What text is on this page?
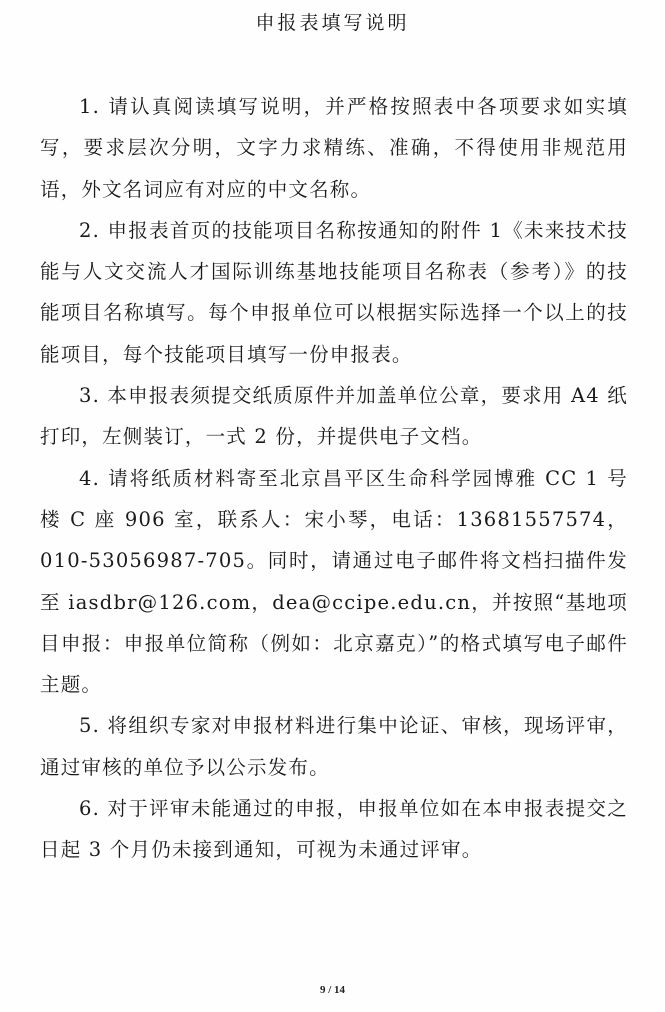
申报表填写说明

1. 请认真阅读填写说明，并严格按照表中各项要求如实填写，要求层次分明，文字力求精练、准确，不得使用非规范用语，外文名词应有对应的中文名称。

2. 申报表首页的技能项目名称按通知的附件 1《未来技术技能与人文交流人才国际训练基地技能项目名称表（参考）》的技能项目名称填写。每个申报单位可以根据实际选择一个以上的技能项目，每个技能项目填写一份申报表。

3. 本申报表须提交纸质原件并加盖单位公章，要求用 A4 纸打印，左侧装订，一式 2 份，并提供电子文档。

4. 请将纸质材料寄至北京昌平区生命科学园博雅 CC 1 号楼 C 座 906 室，联系人：宋小琴，电话：13681557574，010-53056987-705。同时，请通过电子邮件将文档扫描件发至 iasdbr@126.com，dea@ccipe.edu.cn，并按照“基地项目申报：申报单位简称（例如：北京嘉克）”的格式填写电子邮件主题。

5. 将组织专家对申报材料进行集中论证、审核，现场评审，通过审核的单位予以公示发布。

6. 对于评审未能通过的申报，申报单位如在本申报表提交之日起 3 个月仍未接到通知，可视为未通过评审。

9 / 14
